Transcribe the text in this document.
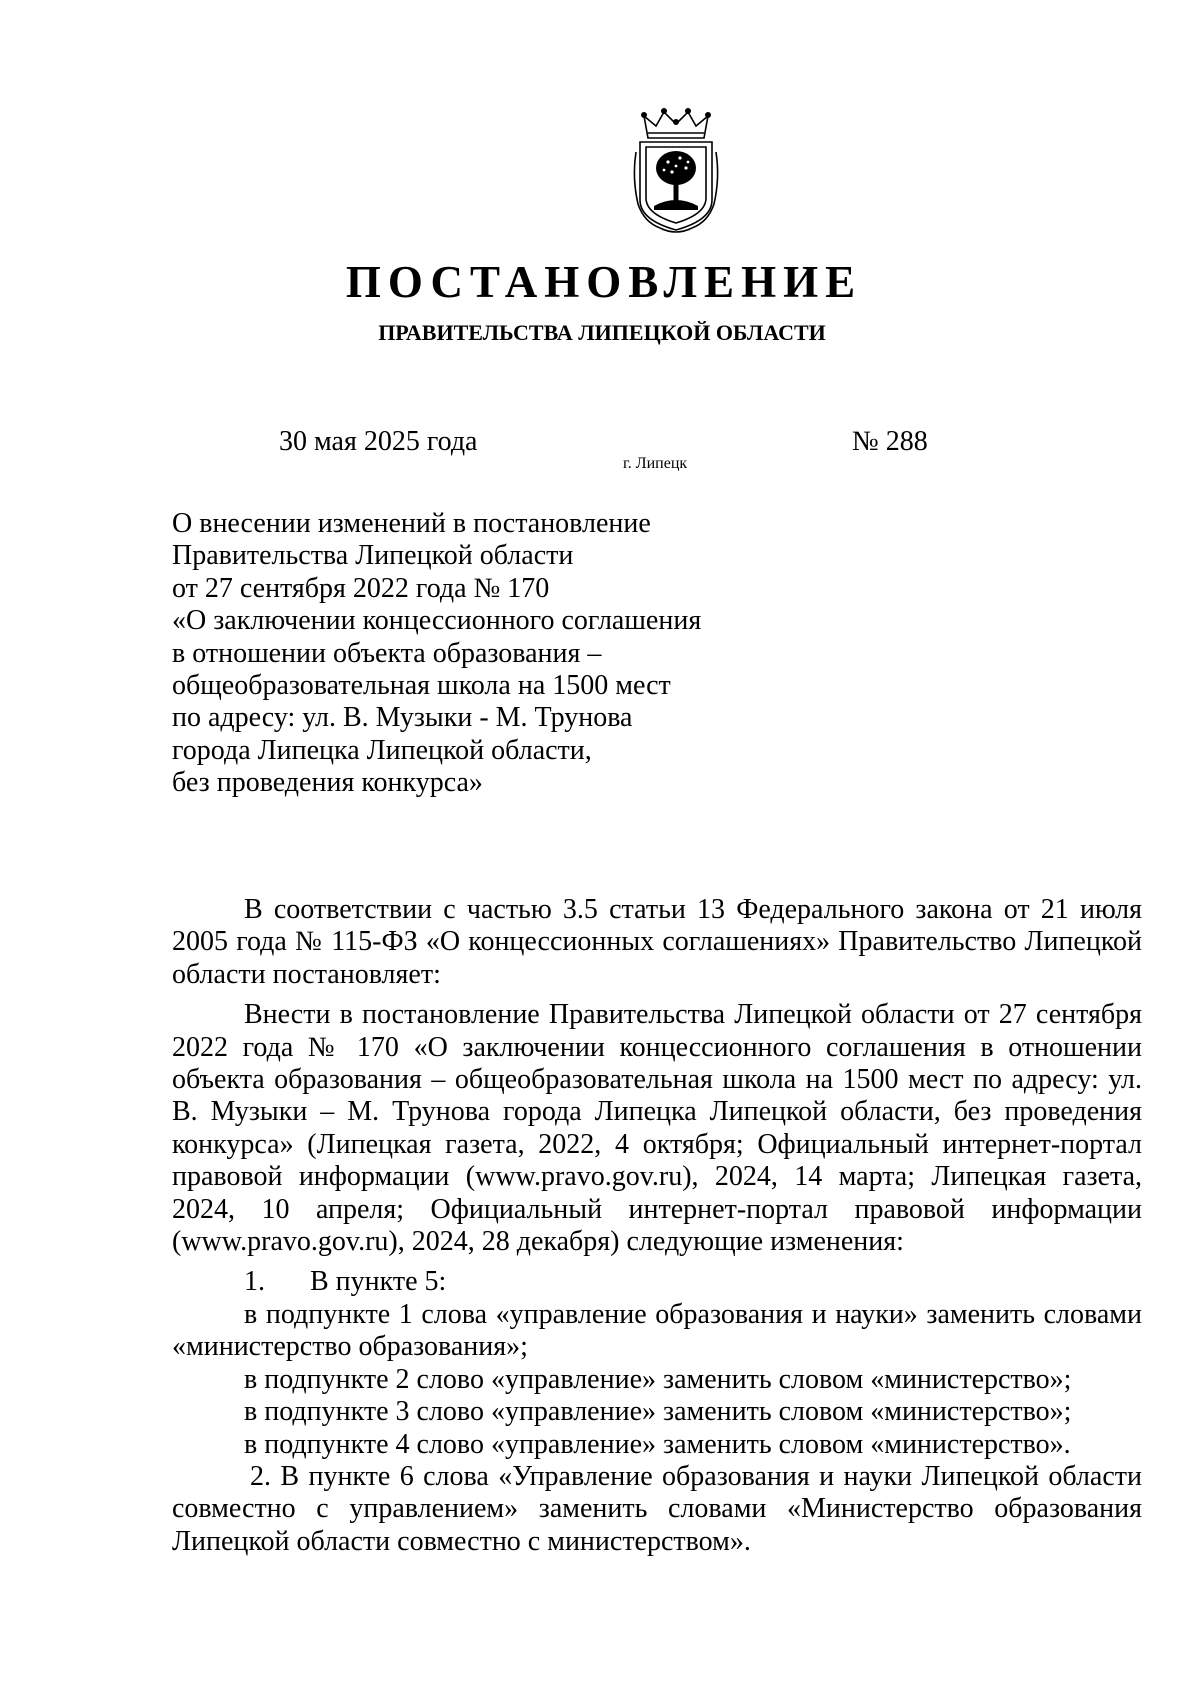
ПОСТАНОВЛЕНИЕ
ПРАВИТЕЛЬСТВА ЛИПЕЦКОЙ ОБЛАСТИ
30 мая 2025 года
г. Липецк
№ 288
О внесении изменений в постановление
Правительства Липецкой области
от 27 сентября 2022 года № 170
«О заключении концессионного соглашения
в отношении объекта образования –
общеобразовательная школа на 1500 мест
по адресу: ул. В. Музыки - М. Трунова
города Липецка Липецкой области,
без проведения конкурса»

В соответствии с частью 3.5 статьи 13 Федерального закона от 21 июля 2005 года № 115-ФЗ «О концессионных соглашениях» Правительство Липецкой области постановляет:

Внести в постановление Правительства Липецкой области от 27 сентября 2022 года № 170 «О заключении концессионного соглашения в отношении объекта образования – общеобразовательная школа на 1500 мест по адресу: ул. В. Музыки – М. Трунова города Липецка Липецкой области, без проведения конкурса» (Липецкая газета, 2022, 4 октября; Официальный интернет-портал правовой информации (www.pravo.gov.ru), 2024, 14 марта; Липецкая газета, 2024, 10 апреля; Официальный интернет-портал правовой информации (www.pravo.gov.ru), 2024, 28 декабря) следующие изменения:

1. В пункте 5:

в подпункте 1 слова «управление образования и науки» заменить словами «министерство образования»;

в подпункте 2 слово «управление» заменить словом «министерство»;

в подпункте 3 слово «управление» заменить словом «министерство»;

в подпункте 4 слово «управление» заменить словом «министерство».

2. В пункте 6 слова «Управление образования и науки Липецкой области совместно с управлением» заменить словами «Министерство образования Липецкой области совместно с министерством».
